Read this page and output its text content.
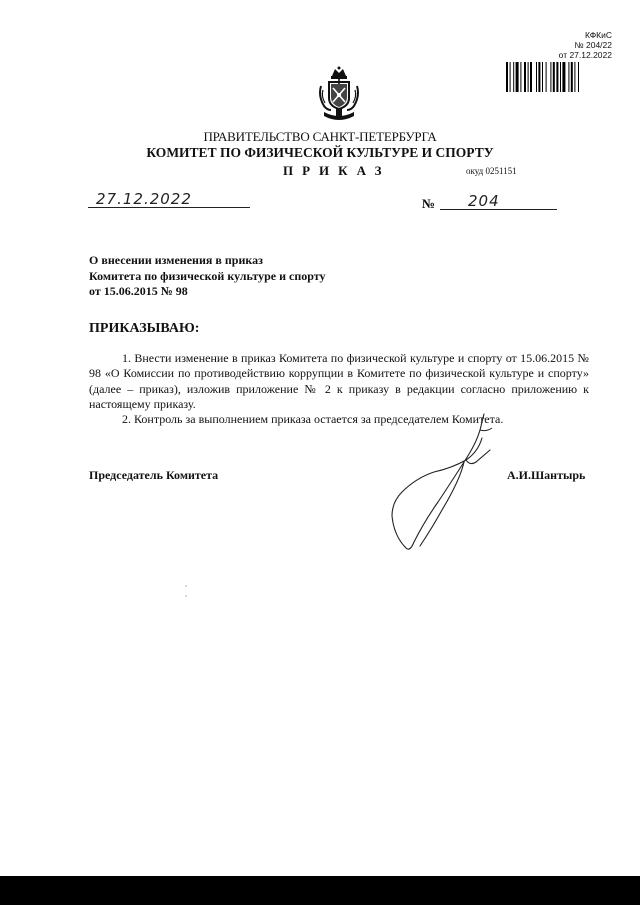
КФКиС
№ 204/22
от 27.12.2022
ПРАВИТЕЛЬСТВО САНКТ-ПЕТЕРБУРГА
КОМИТЕТ ПО ФИЗИЧЕСКОЙ КУЛЬТУРЕ И СПОРТУ
ПРИКАЗ	окуд 0251151
27.12.2022	№ 204
О внесении изменения в приказ
Комитета по физической культуре и спорту
от 15.06.2015 № 98
ПРИКАЗЫВАЮ:

1. Внести изменение в приказ Комитета по физической культуре и спорту от 15.06.2015 № 98 «О Комиссии по противодействию коррупции в Комитете по физической культуре и спорту» (далее – приказ), изложив приложение № 2 к приказу в редакции согласно приложению к настоящему приказу.

2. Контроль за выполнением приказа остается за председателем Комитета.

Председатель Комитета	А.И.Шантырь
